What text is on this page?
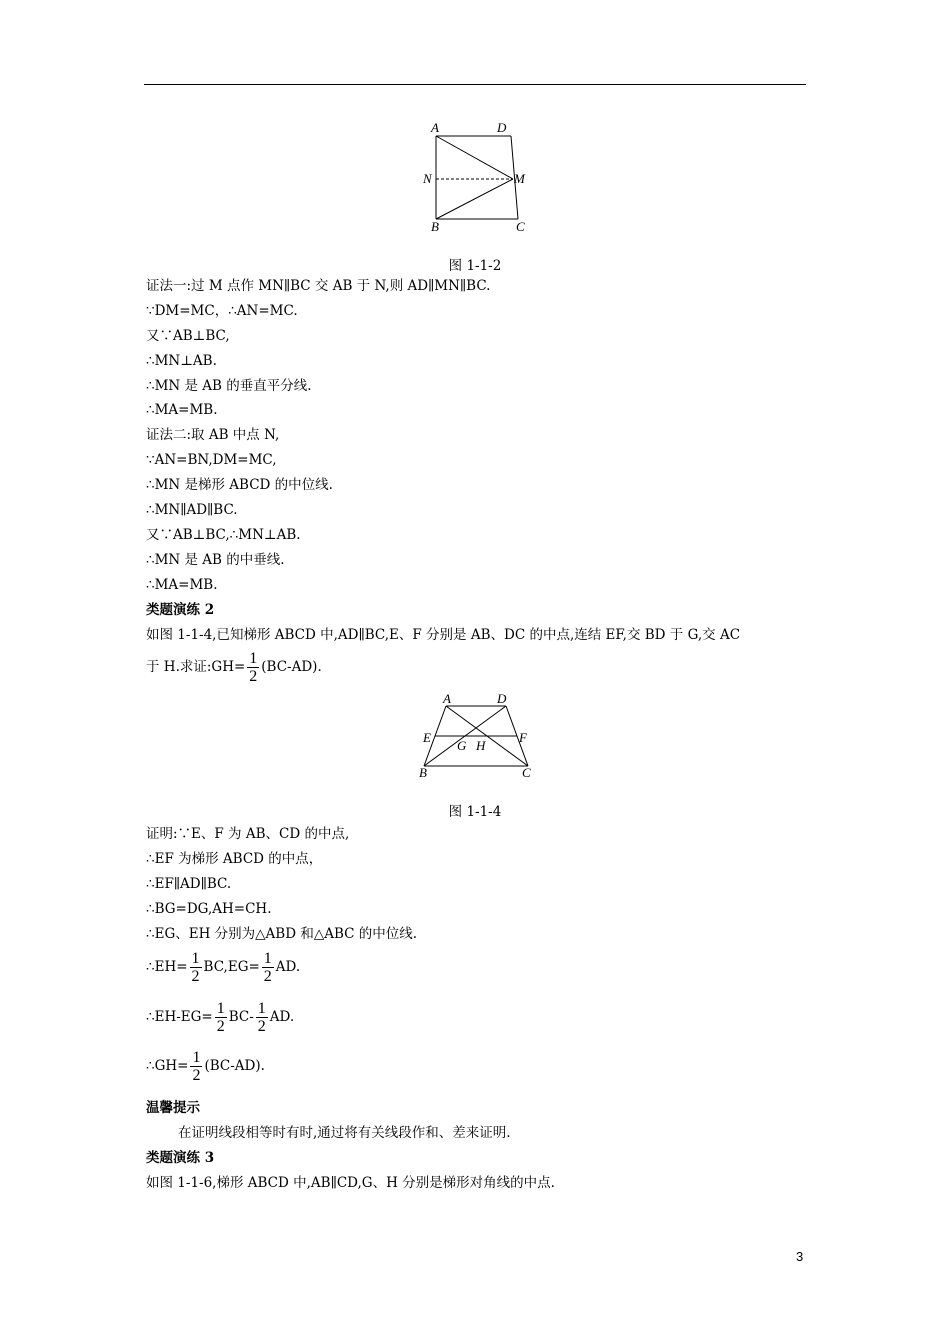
A	D
N	M
B	C
图 1-1-2
证法一:过 M 点作 MN∥BC 交 AB 于 N,则 AD∥MN∥BC.
∵DM=MC，∴AN=MC.
又∵AB⊥BC,
∴MN⊥AB.
∴MN 是 AB 的垂直平分线.
∴MA=MB.
证法二:取 AB 中点 N,
∵AN=BN,DM=MC,
∴MN 是梯形 ABCD 的中位线.
∴MN∥AD∥BC.
又∵AB⊥BC,∴MN⊥AB.
∴MN 是 AB 的中垂线.
∴MA=MB.
类题演练 2
如图 1-1-4,已知梯形 ABCD 中,AD∥BC,E、F 分别是 AB、DC 的中点,连结 EF,交 BD 于 G,交 AC
于 H.求证:GH= $\frac{1}{2} (BC-AD)$.
A	D
E
G H
F
B	C
图 1-1-4
证明:∵E、F 为 AB、CD 的中点,
∴EF 为梯形 ABCD 的中点，
∴EF∥AD∥BC.
∴BG=DG,AH=CH.
∴EG、EH 分别为△ABD 和△ABC 的中位线.
∴EH= $\frac{1}{2} BC,EG= \frac{1}{2}$ AD.
∴EH-EG= $\frac{1}{2} BC- \frac{1}{2}$ AD.
∴GH= $\frac{1}{2} (BC-AD)$.
温馨提示
在证明线段相等时有时,通过将有关线段作和、差来证明.
类题演练 3
如图 1-1-6,梯形 ABCD 中,AB∥CD,G、H 分别是梯形对角线的中点.
3
